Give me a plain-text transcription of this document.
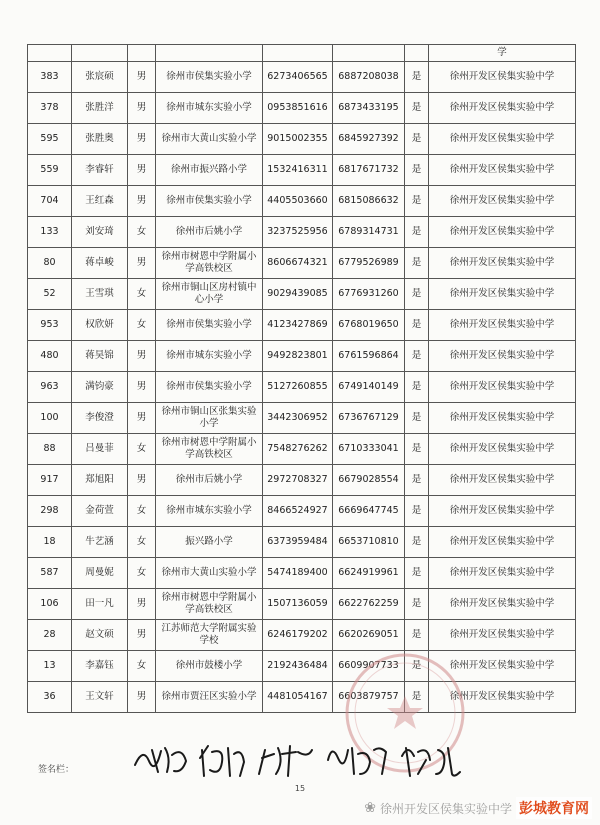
							学
383	张宸硕	男	徐州市侯集实验小学	6273406565	6887208038	是	徐州开发区侯集实验中学
378	张胜洋	男	徐州市城东实验小学	0953851616	6873433195	是	徐州开发区侯集实验中学
595	张胜奥	男	徐州市大黄山实验小学	9015002355	6845927392	是	徐州开发区侯集实验中学
559	李睿轩	男	徐州市振兴路小学	1532416311	6817671732	是	徐州开发区侯集实验中学
704	王红森	男	徐州市侯集实验小学	4405503660	6815086632	是	徐州开发区侯集实验中学
133	刘安琦	女	徐州市后姚小学	3237525956	6789314731	是	徐州开发区侯集实验中学
80	蒋卓峻	男	徐州市树恩中学附属小学高铁校区	8606674321	6779526989	是	徐州开发区侯集实验中学
52	王雪琪	女	徐州市铜山区房村镇中心小学	9029439085	6776931260	是	徐州开发区侯集实验中学
953	权欣妍	女	徐州市侯集实验小学	4123427869	6768019650	是	徐州开发区侯集实验中学
480	蒋昊锦	男	徐州市城东实验小学	9492823801	6761596864	是	徐州开发区侯集实验中学
963	满钧豪	男	徐州市侯集实验小学	5127260855	6749140149	是	徐州开发区侯集实验中学
100	李俊澄	男	徐州市铜山区张集实验小学	3442306952	6736767129	是	徐州开发区侯集实验中学
88	吕曼菲	女	徐州市树恩中学附属小学高铁校区	7548276262	6710333041	是	徐州开发区侯集实验中学
917	郑旭阳	男	徐州市后姚小学	2972708327	6679028554	是	徐州开发区侯集实验中学
298	金荷萱	女	徐州市城东实验小学	8466524927	6669647745	是	徐州开发区侯集实验中学
18	牛艺涵	女	振兴路小学	6373959484	6653710810	是	徐州开发区侯集实验中学
587	周曼妮	女	徐州市大黄山实验小学	5474189400	6624919961	是	徐州开发区侯集实验中学
106	田一凡	男	徐州市树恩中学附属小学高铁校区	1507136059	6622762259	是	徐州开发区侯集实验中学
28	赵文硕	男	江苏师范大学附属实验学校	6246179202	6620269051	是	徐州开发区侯集实验中学
13	李嘉钰	女	徐州市鼓楼小学	2192436484	6609907733	是	徐州开发区侯集实验中学
36	王文轩	男	徐州市贾汪区实验小学	4481054167	6603879757	是	徐州开发区侯集实验中学
签名栏：
15
❀ 徐州开发区侯集实验中学 彭城教育网
